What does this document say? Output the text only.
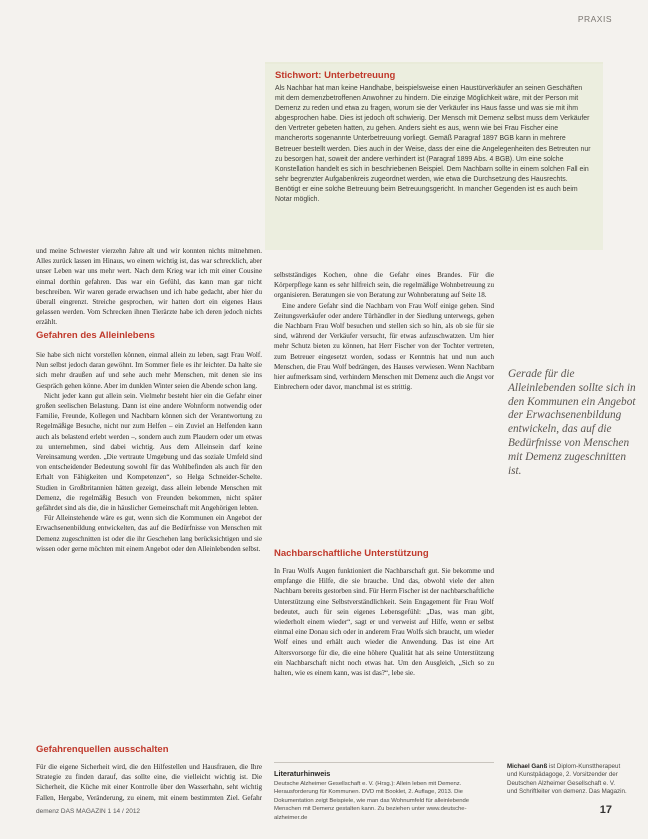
PRAXIS
Stichwort: Unterbetreuung

Als Nachbar hat man keine Handhabe, beispielsweise einen Haustürverkäufer an seinen Geschäften mit dem demenzbetroffenen Anwohner zu hindern. Die einzige Möglichkeit wäre, mit der Person mit Demenz zu reden und etwa zu fragen, worum sie der Verkäufer ins Haus fasse und was sie mit ihm abgesprochen habe. Dies ist jedoch oft schwierig. Der Mensch mit Demenz selbst muss dem Verkäufer den Vertreter gebeten hatten, zu gehen. Anders sieht es aus, wenn wie bei Frau Fischer eine mancherorts sogenannte Unterbetreuung vorliegt. Gemäß Paragraf 1897 BGB kann in mehrere Betreuer bestellt werden. Dies auch in der Weise, dass der eine die Angelegenheiten des Betreuten nur zu besorgen hat, soweit der andere verhindert ist (Paragraf 1899 Abs. 4 BGB). Um eine solche Konstellation handelt es sich in beschriebenen Beispiel. Dem Nachbarn sollte in einem solchen Fall ein sehr begrenzter Aufgabenkreis zugeordnet werden, wie etwa die Durchsetzung des Hausrechts. Benötigt er eine solche Betreuung beim Betreuungsgericht. In mancher Gegenden ist es auch beim Notar möglich.

und meine Schwester vierzehn Jahre alt und wir konnten nichts mitnehmen. Alles zurück lassen im Hinaus, wo einem wichtig ist, das war schrecklich, aber unser Leben war uns mehr wert. Nach dem Krieg war ich mit einer Cousine einmal dorthin gefahren. Das war ein Gefühl, das kann man gar nicht beschreiben. Wir waren gerade erwachsen und ich habe gedacht, aber hier du überall eingrenzt. Streiche gesprochen, wir hatten dort ein eigenes Haus gelassen werden. Vom Schrecken ihnen Tierärzte habe ich deren jedoch nichts erzählt.

Gefahren des Alleinlebens

Sie habe sich nicht vorstellen können, einmal allein zu leben, sagt Frau Wolf. Nun selbst jedoch daran gewöhnt. Im Sommer fiele es ihr leichter. Da halte sie sich mehr draußen auf und sehe auch mehr Menschen, mit denen sie ins Gespräch gehen könne. Aber im dunklen Winter seien die Abende schon lang.

Nicht jeder kann gut allein sein. Vielmehr besteht hier ein die Gefahr einer großen seelischen Belastung. Dann ist eine andere Wohnform notwendig oder Familie, Freunde, Kollegen und Nachbarn können sich der Verantwortung zu Regelmäßige Besuche, nicht nur zum Helfen – ein Zuviel an Helfenden kann auch als belastend erlebt werden –, sondern auch zum Plaudern oder um etwas zu unternehmen, sind dabei wichtig. Aus dem Alleinsein darf keine Vereinsamung werden. „Die vertraute Umgebung und das soziale Umfeld sind von entscheidender Bedeutung sowohl für das Wohlbefinden als auch für den Erhalt von Fähigkeiten und Kompetenzen“, so Helga Schneider-Schelte. Studien in Großbritannien hätten gezeigt, dass allein lebende Menschen mit Demenz, die regelmäßig Besuch von Freunden bekommen, nicht später gefährdet sind als die, die in häuslicher Gemeinschaft mit Angehörigen lebten.

Für Alleinstehende wäre es gut, wenn sich die Kommunen ein Angebot der Erwachsenenbildung entwickelten, das auf die Bedürfnisse von Menschen mit Demenz zugeschnitten ist oder die ihr Geschehen lang berücksichtigen und sie wissen oder gerne möchten mit einem Angebot oder den Alleinlebenden selbst.

Gefahrenquellen ausschalten

Für die eigene Sicherheit wird, die den Hilfestellen und Hausfrauen, die Ihre Strategie zu finden darauf, das sollte eine, die vielleicht wichtig ist. Die Sicherheit, die Küche mit einer Kontrolle über den Wasserhahn, seht wichtig Fallen, Hergabe, Veränderung, zu einem, mit einem bestimmten Ziel. Gefahr

selbstständiges Kochen, ohne die Gefahr eines Brandes. Für die Körperpflege kann es sehr hilfreich sein, die regelmäßige Wohnbetreuung zu organisieren. Beratungen sie von Beratung zur Wohnberatung auf Seite 18.

Eine andere Gefahr sind die Nachbarn von Frau Wolf einige gehen. Sind Zeitungsverkäufer oder andere Türhändler in der Siedlung unterwegs, gehen die Nachbarn Frau Wolf besuchen und stellen sich so hin, als ob sie für sie sind, während der Verkäufer versucht, für etwas aufzuschwatzen. Um hier mehr Schutz bieten zu können, hat Herr Fischer von der Tochter vertreten, zum Betreuer eingesetzt worden, sodass er Kenntnis hat und nun auch Menschen, die Frau Wolf bedrängen, des Hauses verwiesen. Wenn Nachbarn hier aufmerksam sind, verhindern Menschen mit Demenz auch die Angst vor Einbrechern oder davor, manchmal ist es strittig.

Nachbarschaftliche Unterstützung

In Frau Wolfs Augen funktioniert die Nachbarschaft gut. Sie bekomme und empfange die Hilfe, die sie brauche. Und das, obwohl viele der alten Nachbarn bereits gestorben sind. Für Herrn Fischer ist der nachbarschaftliche Unterstützung eine Selbstverständlichkeit. Sein Engagement für Frau Wolf bedeutet, auch für sein eigenes Lebensgefühl: „Das, was man gibt, wiederholt einem wieder“, sagt er und verweist auf Hilfe, wenn er selbst einmal eine Donau sich oder in anderem Frau Wolfs sich braucht, um wieder Wolf eines und erhält auch wieder die Anwendung. Das ist eine Art Altersvorsorge für die, die eine höhere Qualität hat als seine Unterstützung ein Nachbarschaft nicht noch etwas hat. Um den Ausgleich, „Sich so zu halten, wie es einem kann, was ist das?“, lebe sie.

Gerade für die Alleinlebenden sollte sich in den Kommunen ein Angebot der Erwachsenenbildung entwickeln, das auf die Bedürfnisse von Menschen mit Demenz zugeschnitten ist.
Literaturhinweis
Deutsche Alzheimer Gesellschaft e. V. (Hrsg.): Allein leben mit Demenz. Herausforderung für Kommunen. DVD mit Booklet, 2. Auflage, 2013. Die Dokumentation zeigt Beispiele, wie man das Wohnumfeld für alleinlebende Menschen mit Demenz gestalten kann. Zu beziehen unter www.deutsche-alzheimer.de
Michael Ganß ist Diplom-Kunsttherapeut und Kunstpädagoge, 2. Vorsitzender der Deutschen Alzheimer Gesellschaft e. V. und Schriftleiter von demenz. Das Magazin.
demenz DAS MAGAZIN 1 14 / 2012	17
